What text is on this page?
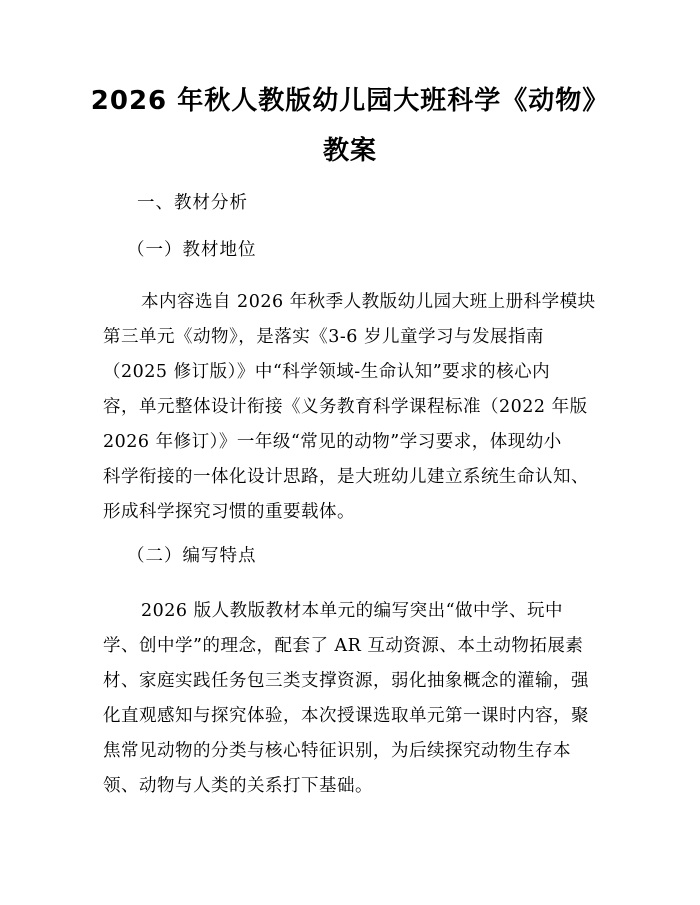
2026 年秋人教版幼儿园大班科学《动物》教案
一、教材分析
（一）教材地位
本内容选自 2026 年秋季人教版幼儿园大班上册科学模块
第三单元《动物》，是落实《3-6 岁儿童学习与发展指南
（2025 修订版）》中“科学领域-生命认知”要求的核心内
容，单元整体设计衔接《义务教育科学课程标准（2022 年版
2026 年修订）》一年级“常见的动物”学习要求，体现幼小
科学衔接的一体化设计思路，是大班幼儿建立系统生命认知、
形成科学探究习惯的重要载体。
（二）编写特点
2026 版人教版教材本单元的编写突出“做中学、玩中
学、创中学”的理念，配套了 AR 互动资源、本土动物拓展素
材、家庭实践任务包三类支撑资源，弱化抽象概念的灌输，强
化直观感知与探究体验，本次授课选取单元第一课时内容，聚
焦常见动物的分类与核心特征识别，为后续探究动物生存本
领、动物与人类的关系打下基础。
